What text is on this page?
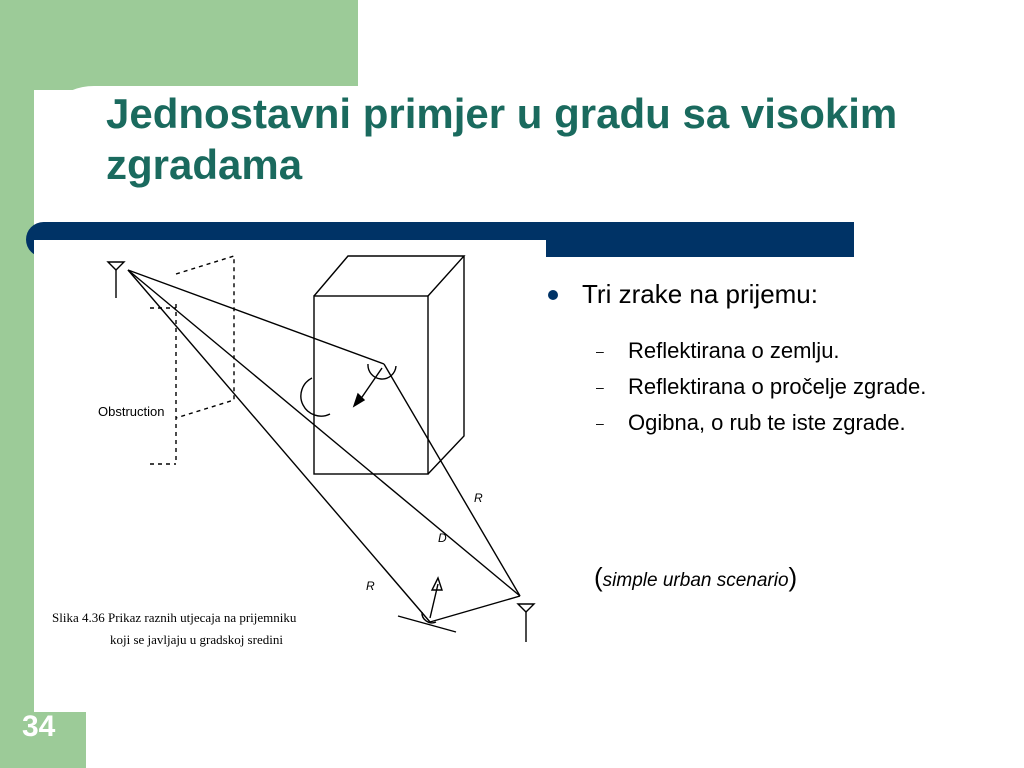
Jednostavni primjer u gradu sa visokim zgradama
Obstruction
R
D
R
Slika 4.36 Prikaz raznih utjecaja na prijemniku
koji se javljaju u gradskoj sredini
Tri zrake na prijemu:
– Reflektirana o zemlju.
– Reflektirana o pročelje zgrade.
– Ogibna, o rub te iste zgrade.
(simple urban scenario)
34
